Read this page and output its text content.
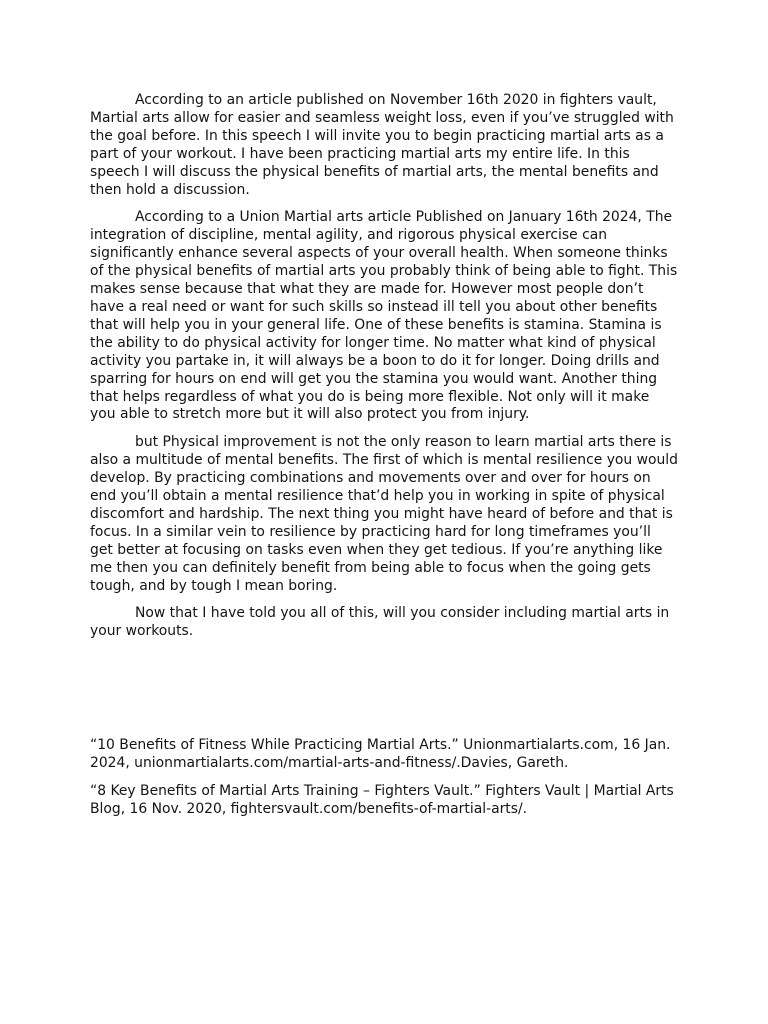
According to an article published on November 16th 2020 in fighters vault, Martial arts allow for easier and seamless weight loss, even if you’ve struggled with the goal before. In this speech I will invite you to begin practicing martial arts as a part of your workout. I have been practicing martial arts my entire life. In this speech I will discuss the physical benefits of martial arts, the mental benefits and then hold a discussion.

According to a Union Martial arts article Published on January 16th 2024, The integration of discipline, mental agility, and rigorous physical exercise can significantly enhance several aspects of your overall health. When someone thinks of the physical benefits of martial arts you probably think of being able to fight. This makes sense because that what they are made for. However most people don’t have a real need or want for such skills so instead ill tell you about other benefits that will help you in your general life. One of these benefits is stamina. Stamina is the ability to do physical activity for longer time. No matter what kind of physical activity you partake in, it will always be a boon to do it for longer. Doing drills and sparring for hours on end will get you the stamina you would want. Another thing that helps regardless of what you do is being more flexible. Not only will it make you able to stretch more but it will also protect you from injury.

but Physical improvement is not the only reason to learn martial arts there is also a multitude of mental benefits. The first of which is mental resilience you would develop. By practicing combinations and movements over and over for hours on end you’ll obtain a mental resilience that’d help you in working in spite of physical discomfort and hardship. The next thing you might have heard of before and that is focus. In a similar vein to resilience by practicing hard for long timeframes you’ll get better at focusing on tasks even when they get tedious. If you’re anything like me then you can definitely benefit from being able to focus when the going gets tough, and by tough I mean boring.

Now that I have told you all of this, will you consider including martial arts in your workouts.

“10 Benefits of Fitness While Practicing Martial Arts.” Unionmartialarts.com, 16 Jan. 2024, unionmartialarts.com/martial-arts-and-fitness/.Davies, Gareth.

“8 Key Benefits of Martial Arts Training – Fighters Vault.” Fighters Vault | Martial Arts Blog, 16 Nov. 2020, fightersvault.com/benefits-of-martial-arts/.
